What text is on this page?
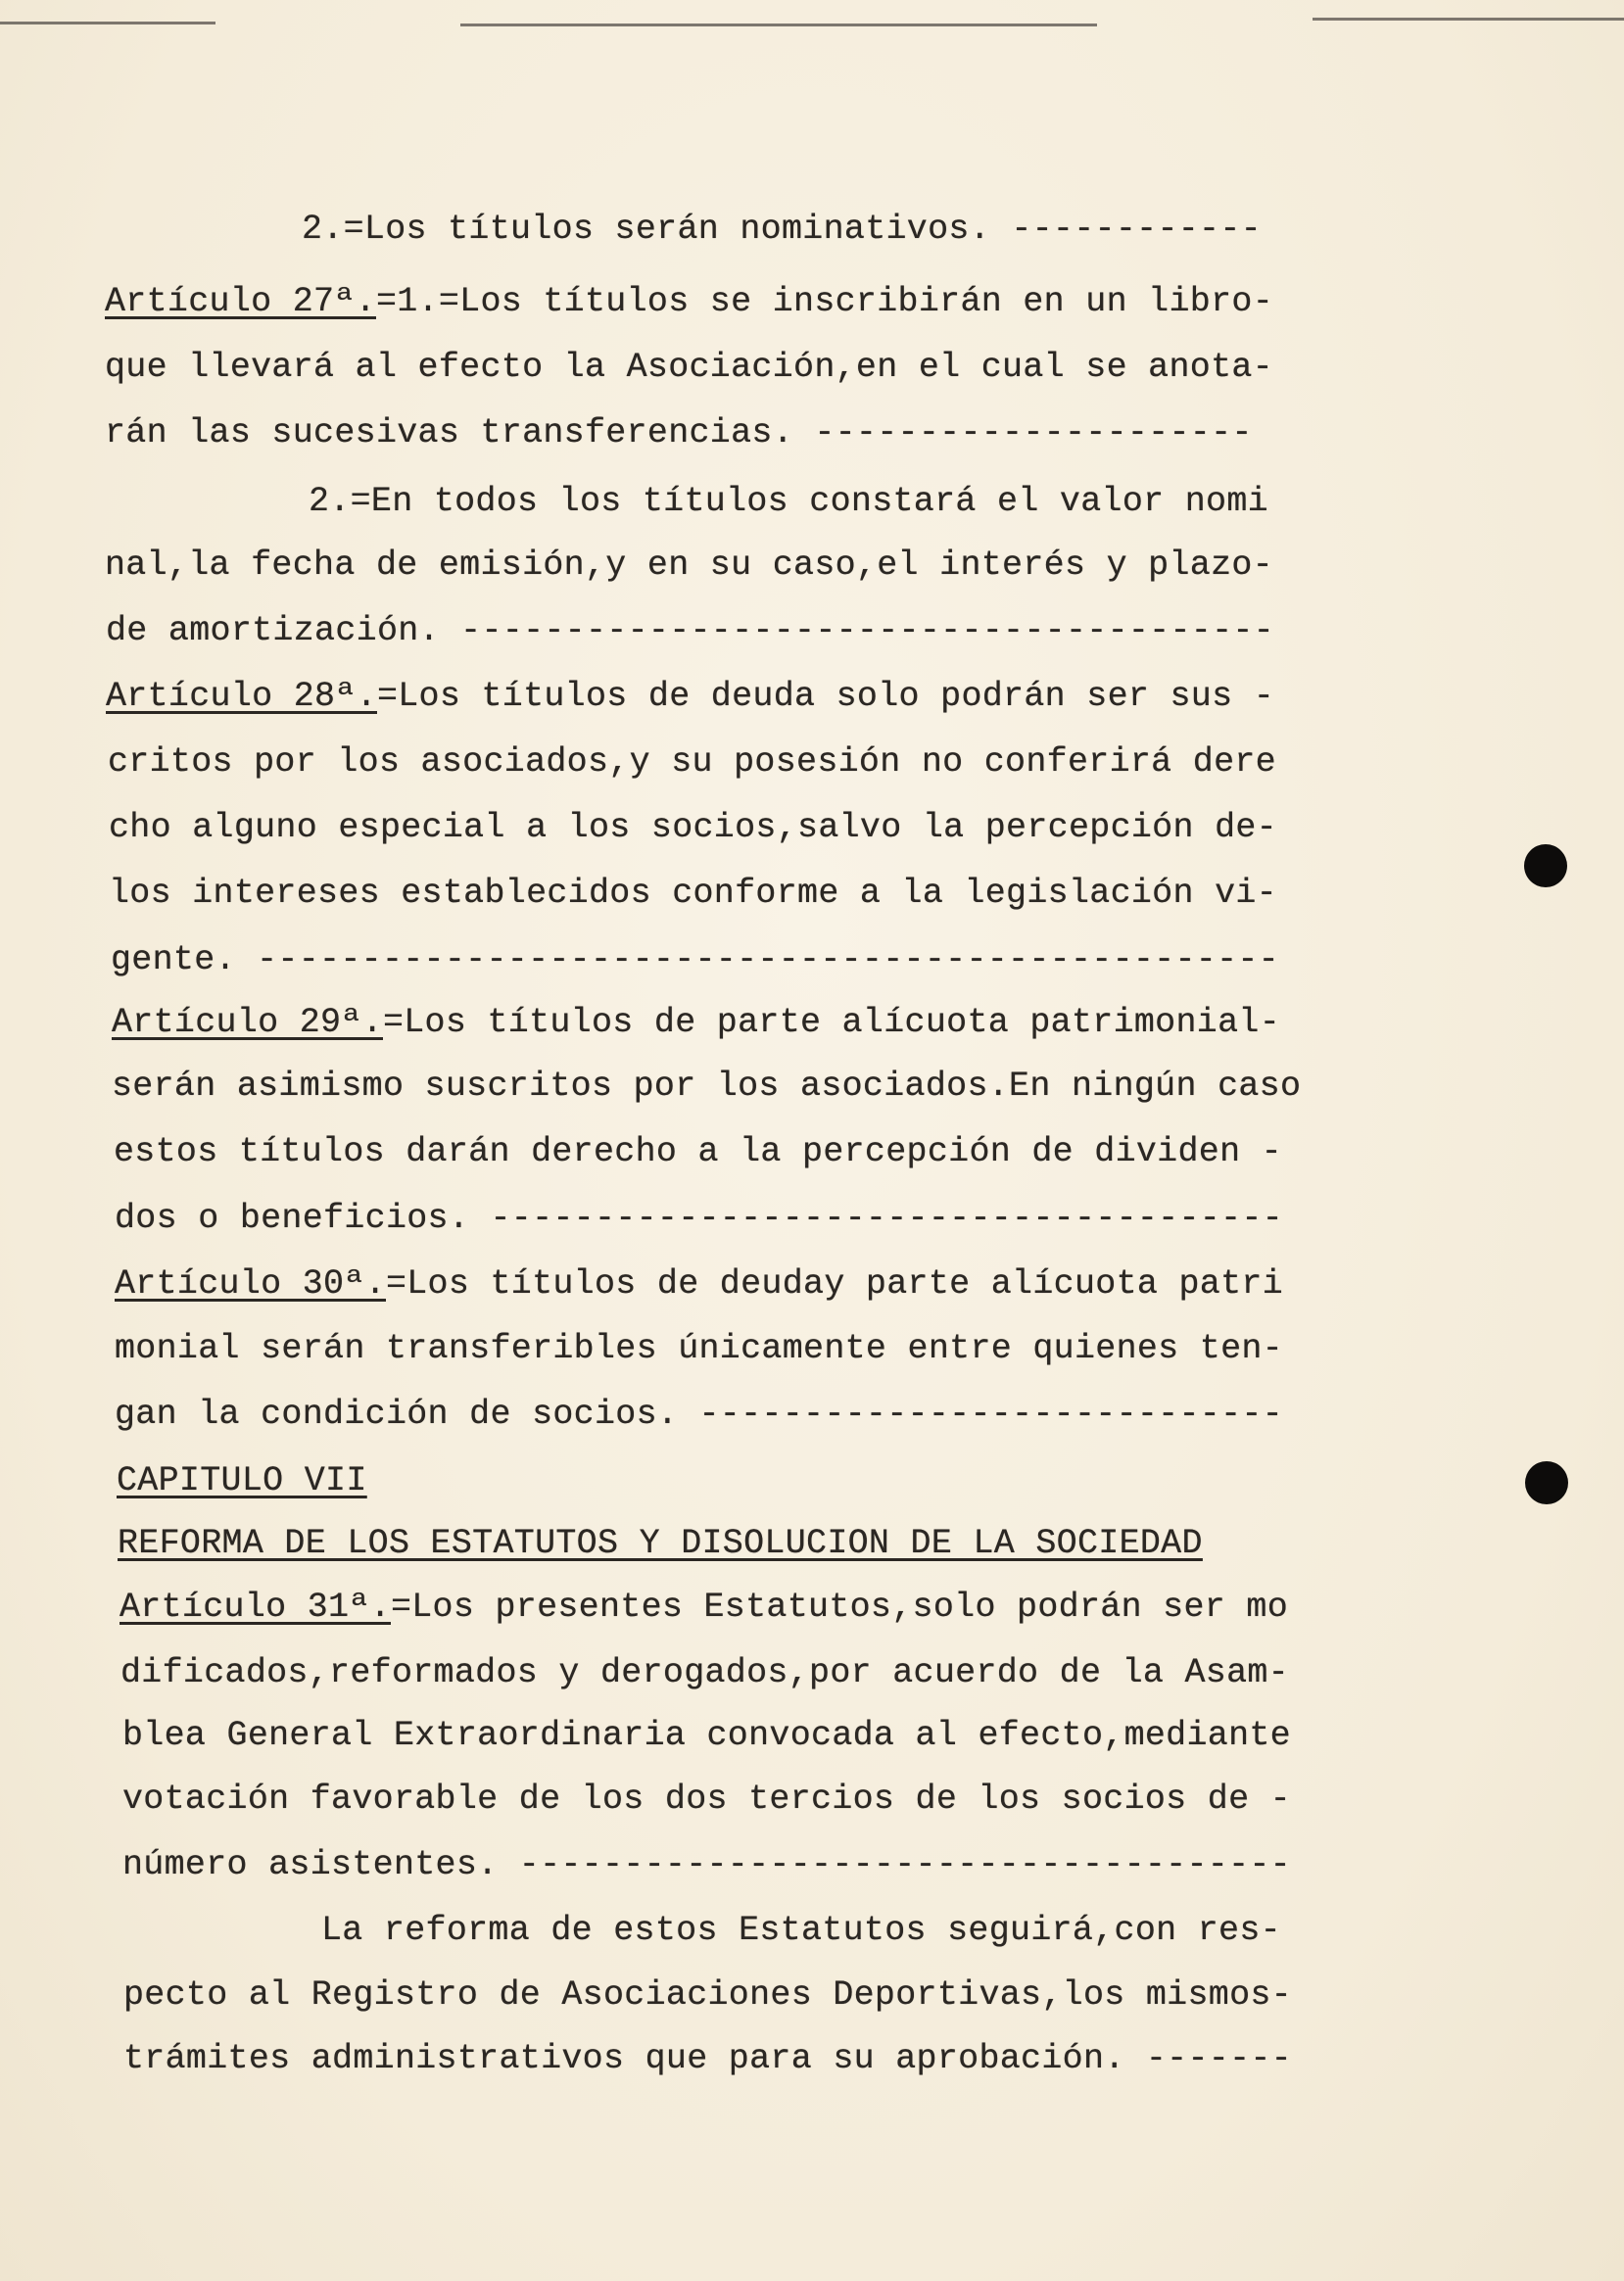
2.=Los títulos serán nominativos. ------------
Artículo 27ª.=1.=Los títulos se inscribirán en un libro-
que llevará al efecto la Asociación,en el cual se anota-
rán las sucesivas transferencias. ---------------------
2.=En todos los títulos constará el valor nomi
nal,la fecha de emisión,y en su caso,el interés y plazo-
de amortización. ---------------------------------------
Artículo 28ª.=Los títulos de deuda solo podrán ser sus -
critos por los asociados,y su posesión no conferirá dere
cho alguno especial a los socios,salvo la percepción de-
los intereses establecidos conforme a la legislación vi-
gente. -------------------------------------------------
Artículo 29ª.=Los títulos de parte alícuota patrimonial-
serán asimismo suscritos por los asociados.En ningún caso
estos títulos darán derecho a la percepción de dividen -
dos o beneficios. --------------------------------------
Artículo 30ª.=Los títulos de deuday parte alícuota patri
monial serán transferibles únicamente entre quienes ten-
gan la condición de socios. ----------------------------
CAPITULO VII
REFORMA DE LOS ESTATUTOS Y DISOLUCION DE LA SOCIEDAD
Artículo 31ª.=Los presentes Estatutos,solo podrán ser mo
dificados,reformados y derogados,por acuerdo de la Asam-
blea General Extraordinaria convocada al efecto,mediante
votación favorable de los dos tercios de los socios de -
número asistentes. -------------------------------------
La reforma de estos Estatutos seguirá,con res-
pecto al Registro de Asociaciones Deportivas,los mismos-
trámites administrativos que para su aprobación. -------
